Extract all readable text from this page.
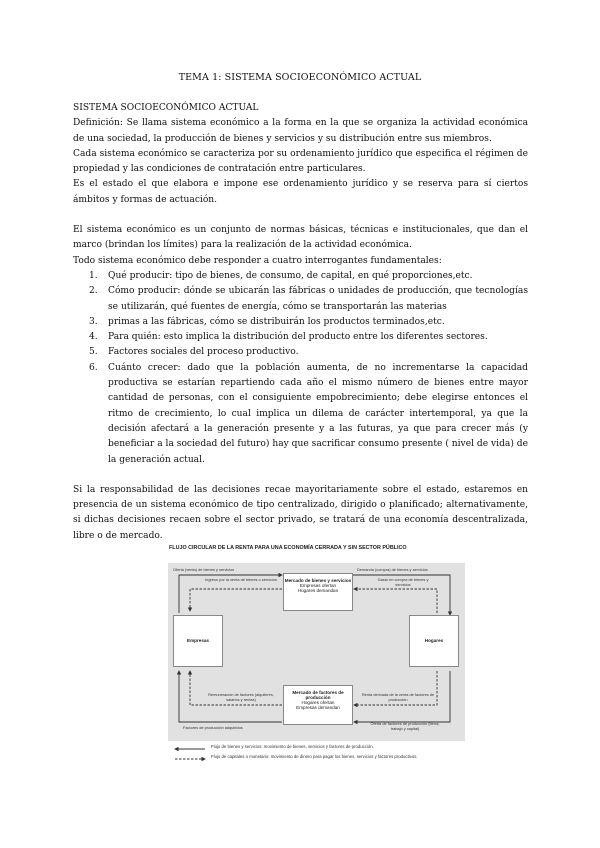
TEMA 1: SISTEMA SOCIOECONÓMICO ACTUAL

SISTEMA SOCIOECONÓMICO ACTUAL

Definición: Se llama sistema económico a la forma en la que se organiza la actividad económica de una sociedad, la producción de bienes y servicios y su distribución entre sus miembros.

Cada sistema económico se caracteriza por su ordenamiento jurídico que especifica el régimen de propiedad y las condiciones de contratación entre particulares.

Es el estado el que elabora e impone ese ordenamiento jurídico y se reserva para sí ciertos ámbitos y formas de actuación.

El sistema económico es un conjunto de normas básicas, técnicas e institucionales, que dan el marco (brindan los límites) para la realización de la actividad económica.

Todo sistema económico debe responder a cuatro interrogantes fundamentales:

1. Qué producir: tipo de bienes, de consumo, de capital, en qué proporciones,etc.
2. Cómo producir: dónde se ubicarán las fábricas o unidades de producción, que tecnologías se utilizarán, qué fuentes de energía, cómo se transportarán las materias
3. primas a las fábricas, cómo se distribuirán los productos terminados,etc.
4. Para quién: esto implica la distribución del producto entre los diferentes sectores.
5. Factores sociales del proceso productivo.
6. Cuánto crecer: dado que la población aumenta, de no incrementarse la capacidad productiva se estarían repartiendo cada año el mismo número de bienes entre mayor cantidad de personas, con el consiguiente empobrecimiento; debe elegirse entonces el ritmo de crecimiento, lo cual implica un dilema de carácter intertemporal, ya que la decisión afectará a la generación presente y a las futuras, ya que para crecer más (y beneficiar a la sociedad del futuro) hay que sacrificar consumo presente ( nivel de vida) de la generación actual.

Si la responsabilidad de las decisiones recae mayoritariamente sobre el estado, estaremos en presencia de un sistema económico de tipo centralizado, dirigido o planificado; alternativamente, si dichas decisiones recaen sobre el sector privado, se tratará de una economía descentralizada, libre o de mercado.

FLUJO CIRCULAR DE LA RENTA PARA UNA ECONOMÍA CERRADA Y SIN SECTOR PÚBLICO
Mercado de bienes y servicios
Empresas ofertan
Hogares demandan
Mercado de factores de producción
Hogares ofertan
Empresas demandan
Empresas	Hogares
Oferta (venta) de bienes y servicios
Ingreso por la venta de bienes o servicios
Demanda (compra) de bienes y servicios
Gasto en compra de bienes y servicios
Remuneración de factores (alquileres, salarios y rentas)
Factores de producción adquiridos
Renta derivada de la venta de factores de producción
Oferta de factores de producción (tierra, trabajo y capital)
Flujo de bienes y servicios: movimiento de bienes, servicios y factores de producción.
Flujo de capitales o monetario: movimiento de dinero para pagar los bienes, servicios y factores productivos.
